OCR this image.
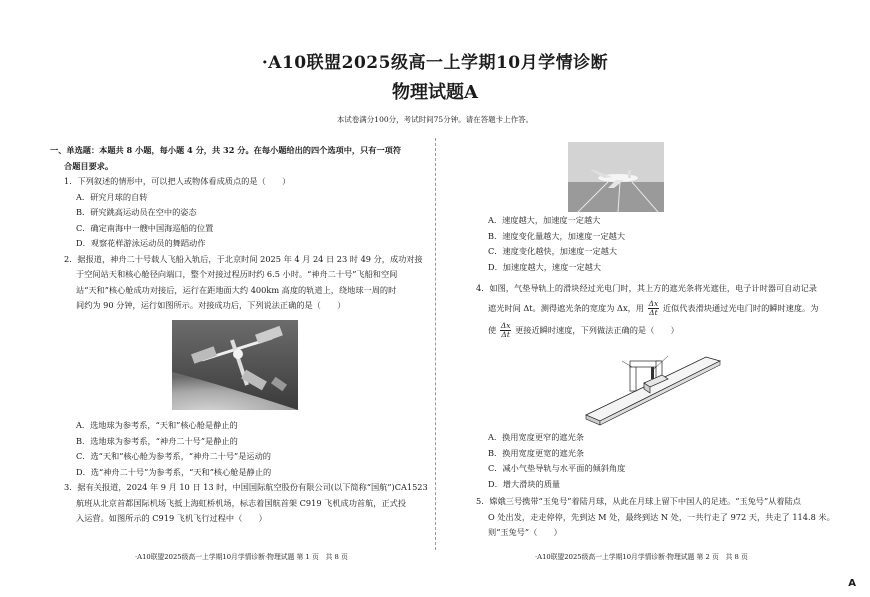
·A10联盟2025级高一上学期10月学情诊断
物理试题A
本试卷满分100分，考试时间75分钟。请在答题卡上作答。

一、单选题：本题共 8 小题，每小题 4 分，共 32 分。在每小题给出的四个选项中，只有一项符

合题目要求。

1．下列叙述的情形中，可以把人或物体看成质点的是（　　）

A．研究月球的自转

B．研究跳高运动员在空中的姿态

C．确定南海中一艘中国海巡船的位置

D．观察花样游泳运动员的舞蹈动作

2．据报道，神舟二十号载人飞船入轨后，于北京时间 2025 年 4 月 24 日 23 时 49 分，成功对接

于空间站天和核心舱径向端口，整个对接过程历时约 6.5 小时。“神舟二十号”飞船和空间

站“天和”核心舱成功对接后，运行在距地面大约 400km 高度的轨道上，绕地球一周的时

间约为 90 分钟，运行如图所示。对接成功后，下列说法正确的是（　　）

A．选地球为参考系，“天和”核心舱是静止的

B．选地球为参考系，“神舟二十号”是静止的

C．选“天和”核心舱为参考系，“神舟二十号”是运动的

D．选“神舟二十号”为参考系，“天和”核心舱是静止的

3．据有关报道，2024 年 9 月 10 日 13 时，中国国际航空股份有限公司(以下简称“国航”)CA1523

航班从北京首都国际机场飞抵上海虹桥机场，标志着国航首架 C919 飞机成功首航，正式投

入运营。如图所示的 C919 飞机飞行过程中（　　）

·A10联盟2025级高一上学期10月学情诊断·物理试题 第 1 页　共 8 页

A．速度越大，加速度一定越大

B．速度变化量越大，加速度一定越大

C．速度变化越快，加速度一定越大

D．加速度越大，速度一定越大

4．如图，气垫导轨上的滑块经过光电门时，其上方的遮光条将光遮住，电子计时器可自动记录

遮光时间 Δt。测得遮光条的宽度为 Δx，用 $\frac{\Delta x}{\Delta t}$ 近似代表滑块通过光电门时的瞬时速度。为

使 $\frac{\Delta x}{\Delta t}$ 更接近瞬时速度，下列做法正确的是（　　）

A．换用宽度更窄的遮光条

B．换用宽度更宽的遮光条

C．减小气垫导轨与水平面的倾斜角度

D．增大滑块的质量

5．嫦娥三号携带“玉兔号”着陆月球，从此在月球上留下中国人的足迹。“玉兔号”从着陆点

O 处出发，走走停停，先到达 M 处，最终到达 N 处，一共行走了 972 天，共走了 114.8 米。

则“玉兔号”（　　）

·A10联盟2025级高一上学期10月学情诊断·物理试题 第 2 页　共 8 页
A
